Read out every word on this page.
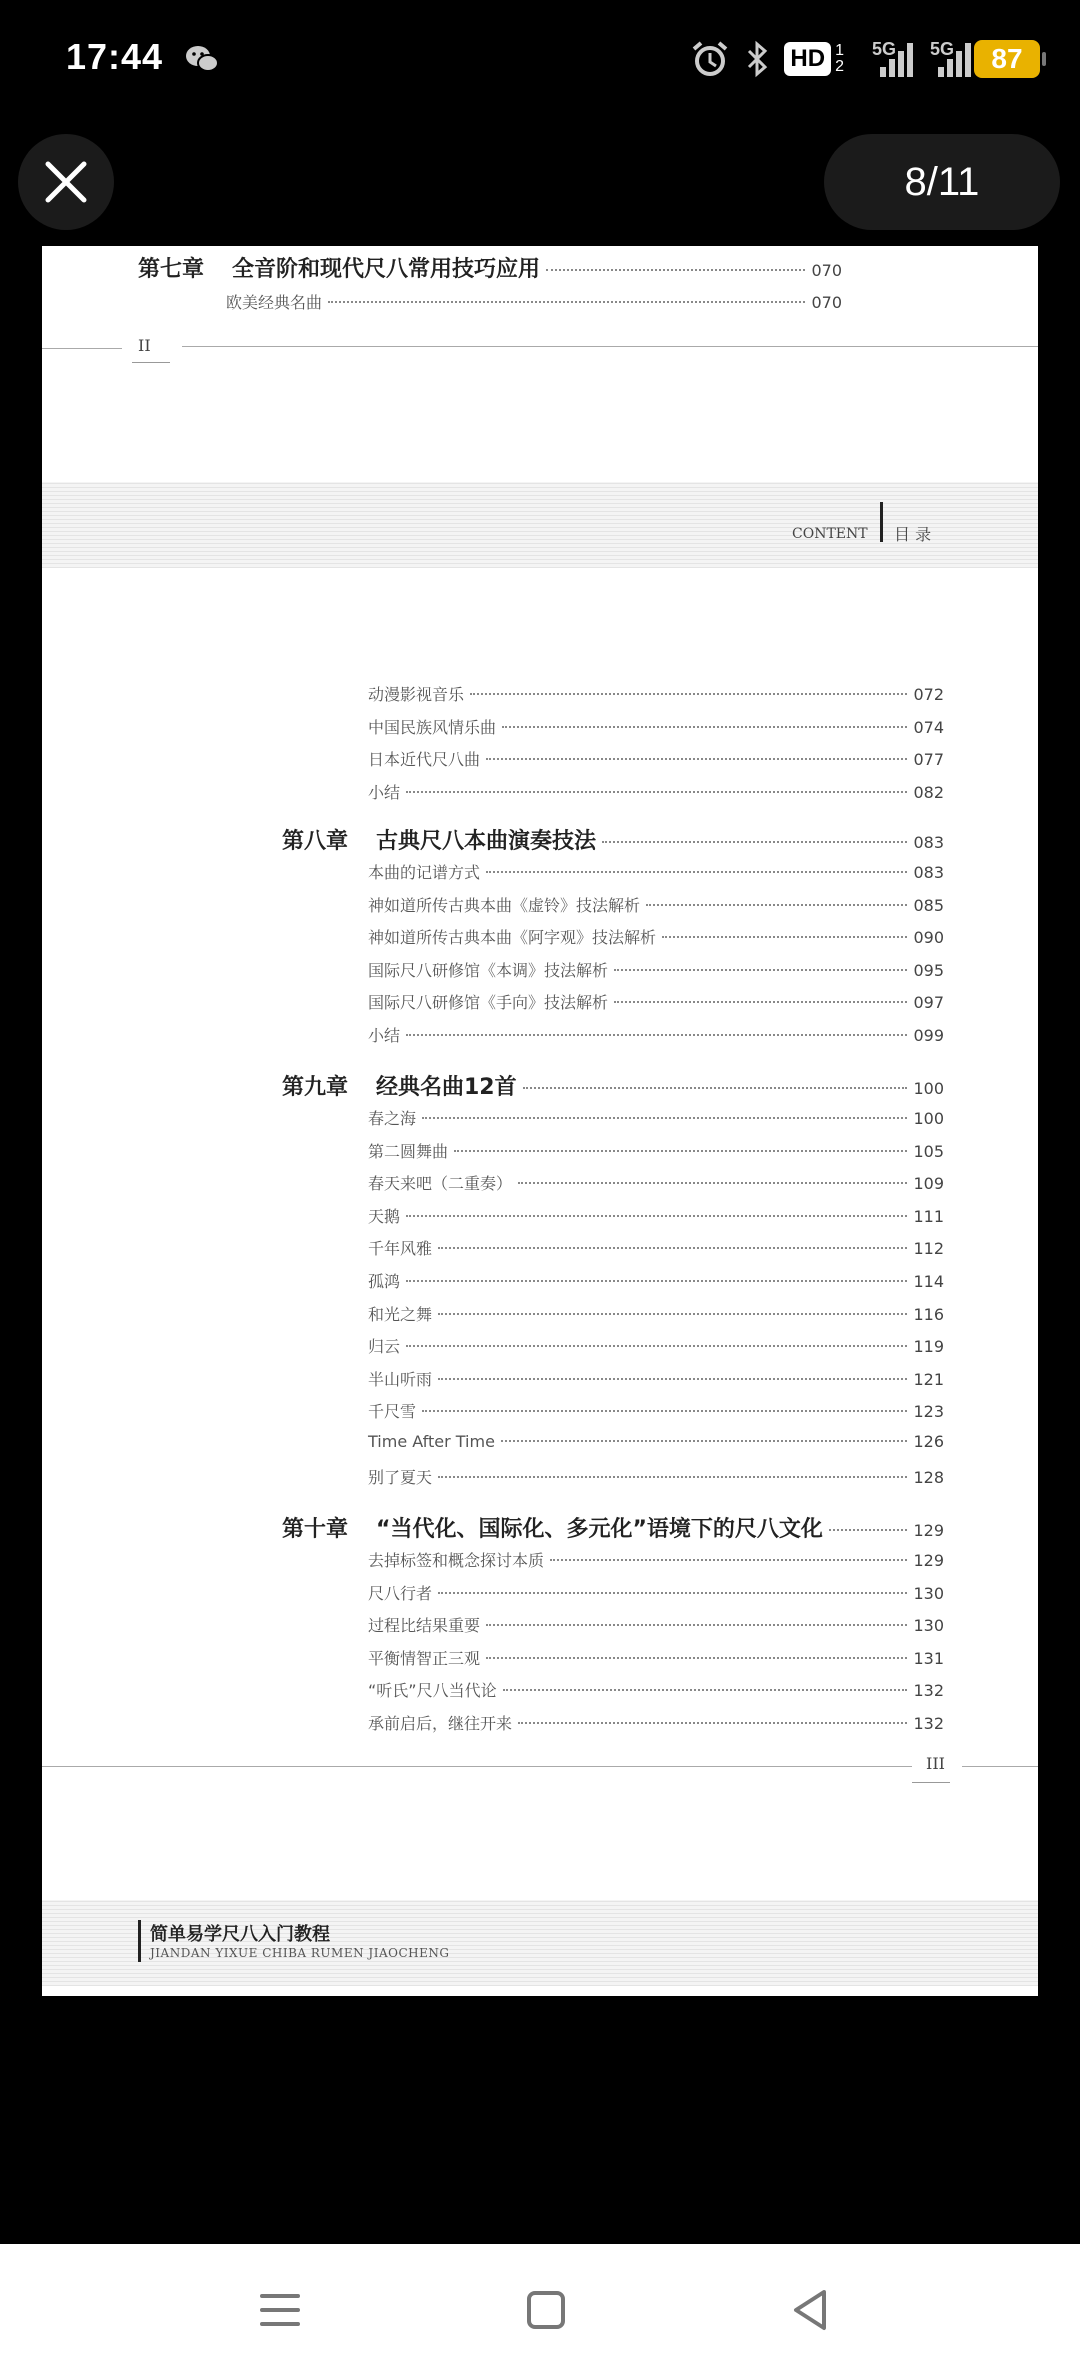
17:44	HD 1
2
5G	5G	87
8/11
第七章	全音阶和现代尺八常用技巧应用	070
欧美经典名曲	070
II
CONTENT 目 录
动漫影视音乐	072
中国民族风情乐曲	074
日本近代尺八曲	077
小结	082
第八章	古典尺八本曲演奏技法	083
本曲的记谱方式	083
神如道所传古典本曲《虚铃》技法解析	085
神如道所传古典本曲《阿字观》技法解析	090
国际尺八研修馆《本调》技法解析	095
国际尺八研修馆《手向》技法解析	097
小结	099
第九章	经典名曲12首	100
春之海	100
第二圆舞曲	105
春天来吧（二重奏）	109
天鹅	111
千年风雅	112
孤鸿	114
和光之舞	116
归云	119
半山听雨	121
千尺雪	123
Time After Time	126
别了夏天	128
第十章	“当代化、国际化、多元化”语境下的尺八文化	129
去掉标签和概念探讨本质	129
尺八行者	130
过程比结果重要	130
平衡情智正三观	131
“听氏”尺八当代论	132
承前启后，继往开来	132
III
简单易学尺八入门教程
JIANDAN YIXUE CHIBA RUMEN JIAOCHENG
